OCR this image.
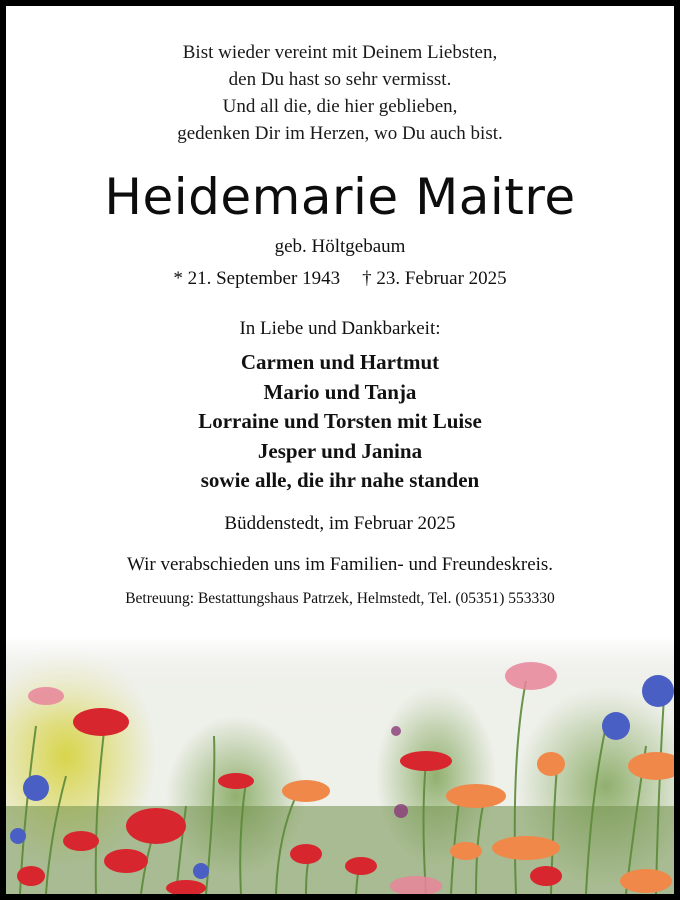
Bist wieder vereint mit Deinem Liebsten,
den Du hast so sehr vermisst.
Und all die, die hier geblieben,
gedenken Dir im Herzen, wo Du auch bist.
Heidemarie Maitre
geb. Höltgebaum
* 21. September 1943 † 23. Februar 2025
In Liebe und Dankbarkeit:
Carmen und Hartmut
Mario und Tanja
Lorraine und Torsten mit Luise
Jesper und Janina
sowie alle, die ihr nahe standen
Büddenstedt, im Februar 2025
Wir verabschieden uns im Familien- und Freundeskreis.
Betreuung: Bestattungshaus Patrzek, Helmstedt, Tel. (05351) 553330
